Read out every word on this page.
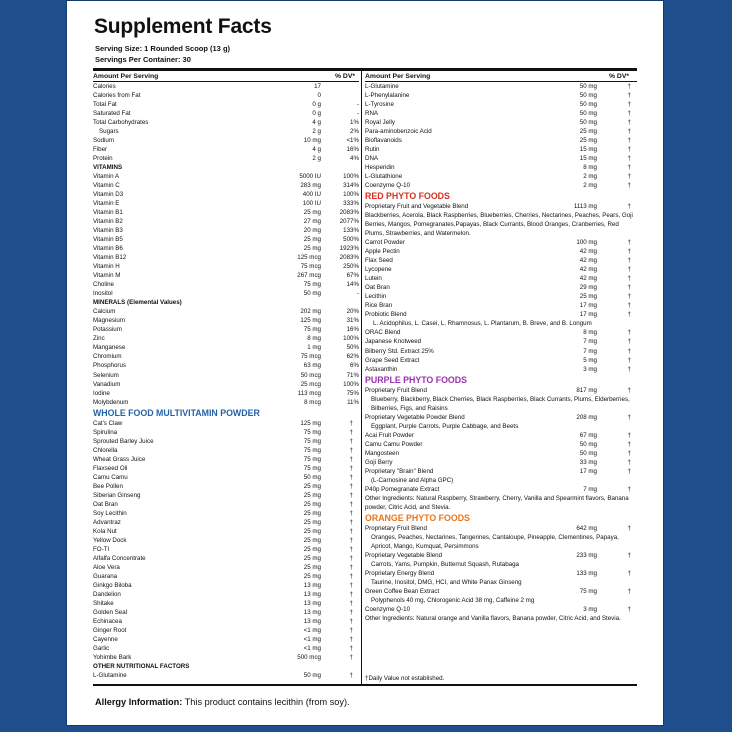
Supplement Facts
Serving Size: 1 Rounded Scoop (13 g)
Servings Per Container: 30
Amount Per Serving	% DV*
Calories	17
Calories from Fat	0
Total Fat	0 g	-
Saturated Fat	0 g	-
Total Carbohydrates	4 g	1%
Sugars	2 g	2%
Sodium	10 mg	<1%
Fiber	4 g	16%
Protein	2 g	4%
VITAMINS
Vitamin A	5000 IU	100%
Vitamin C	283 mg	314%
Vitamin D3	400 IU	100%
Vitamin E	100 IU	333%
Vitamin B1	25 mg	2083%
Vitamin B2	27 mg	2077%
Vitamin B3	20 mg	133%
Vitamin B5	25 mg	500%
Vitamin B6	25 mg	1923%
Vitamin B12	125 mcg	2083%
Vitamin H	75 mcg	250%
Vitamin M	267 mcg	67%
Choline	75 mg	14%
Inositol	50 mg	-
MINERALS (Elemental Values)
Calcium	202 mg	20%
Magnesium	125 mg	31%
Potassium	75 mg	16%
Zinc	8 mg	100%
Manganese	1 mg	50%
Chromium	75 mcg	62%
Phosphorus	63 mg	6%
Selenium	50 mcg	71%
Vanadium	25 mcg	100%
Iodine	113 mcg	75%
Molybdenum	8 mcg	11%
WHOLE FOOD MULTIVITAMIN POWDER
Cat's Claw	125 mg	†
Spirulina	75 mg	†
Sprouted Barley Juice	75 mg	†
Chlorella	75 mg	†
Wheat Grass Juice	75 mg	†
Flaxseed Oil	75 mg	†
Camu Camu	50 mg	†
Bee Pollen	25 mg	†
Siberian Ginseng	25 mg	†
Oat Bran	25 mg	†
Soy Lecithin	25 mg	†
Advantraz	25 mg	†
Kola Nut	25 mg	†
Yellow Dock	25 mg	†
FO-TI	25 mg	†
Alfalfa Concentrate	25 mg	†
Aloe Vera	25 mg	†
Guarana	25 mg	†
Ginkgo Biloba	13 mg	†
Dandelion	13 mg	†
Shitake	13 mg	†
Golden Seal	13 mg	†
Echinacea	13 mg	†
Ginger Root	<1 mg	†
Cayenne	<1 mg	†
Garlic	<1 mg	†
Yohimbe Bark	500 mcg	†
OTHER NUTRITIONAL FACTORS
L-Glutamine	50 mg	†
Amount Per Serving	% DV*
L-Glutamine	50 mg	†
L-Phenylalanine	50 mg	†
L-Tyrosine	50 mg	†
RNA	50 mg	†
Royal Jelly	50 mg	†
Para-aminobenzoic Acid	25 mg	†
Bioflavanoids	25 mg	†
Rutin	15 mg	†
DNA	15 mg	†
Hesperidin	8 mg	†
L-Glutathione	2 mg	†
Coenzyme Q-10	2 mg	†
RED PHYTO FOODS
Proprietary Fruit and Vegetable Blend	1113 mg	†
Blackberries, Acerola, Black Raspberries, Blueberries, Cherries, Nectarines, Peaches, Pears, Goji Berries, Mangos, Pomegranates,Papayas, Black Currants, Blood Oranges, Cranberries, Red Plums, Strawberries, and Watermelon.
Carrot Powder	100 mg	†
Apple Pectin	42 mg	†
Flax Seed	42 mg	†
Lycopene	42 mg	†
Lutein	42 mg	†
Oat Bran	29 mg	†
Lecithin	25 mg	†
Rice Bran	17 mg	†
Probiotic Blend	17 mg	†
L. Acidophilus, L. Casei, L. Rhamnosus, L. Plantarum, B. Breve, and B. Longum
ORAC Blend	8 mg	†
Japanese Knotweed	7 mg	†
Bilberry Std. Extract 25%	7 mg	†
Grape Seed Extract	5 mg	†
Astaxanthin	3 mg	†
PURPLE PHYTO FOODS
Proprietary Fruit Blend	817 mg	†
Blueberry, Blackberry, Black Cherries, Black Raspberries, Black Currants, Plums, Elderberries, Bilberries, Figs, and Raisins
Proprietary Vegetable Powder Blend	208 mg	†
Eggplant, Purple Carrots, Purple Cabbage, and Beets
Acai Fruit Powder	67 mg	†
Camu Camu Powder	50 mg	†
Mangosteen	50 mg	†
Goji Berry	33 mg	†
Proprietary "Brain" Blend	17 mg	†
(L-Carnosine and Alpha GPC)
P40p Pomegranate Extract	7 mg	†
Other Ingredients: Natural Raspberry, Strawberry, Cherry, Vanilla and Spearmint flavors, Banana powder, Citric Acid, and Stevia.
ORANGE PHYTO FOODS
Proprietary Fruit Blend	642 mg	†
Oranges, Peaches, Nectarines, Tangerines, Cantaloupe, Pineapple, Clementines, Papaya, Apricot, Mango, Kumquat, Persimmons
Proprietary Vegetable Blend	233 mg	†
Carrots, Yams, Pumpkin, Butternut Squash, Rutabaga
Proprietary Energy Blend	133 mg	†
Taurine, Inositol, DMG, HCI, and White Panax Ginseng
Green Coffee Bean Extract	75 mg	†
Polyphenols 40 mg, Chlorogenic Acid 38 mg, Caffeine 2 mg
Coenzyme Q-10	3 mg	†
Other Ingredients: Natural orange and Vanilla flavors, Banana powder, Citric Acid, and Stevia.
†Daily Value not established.
Allergy Information: This product contains lecithin (from soy).
